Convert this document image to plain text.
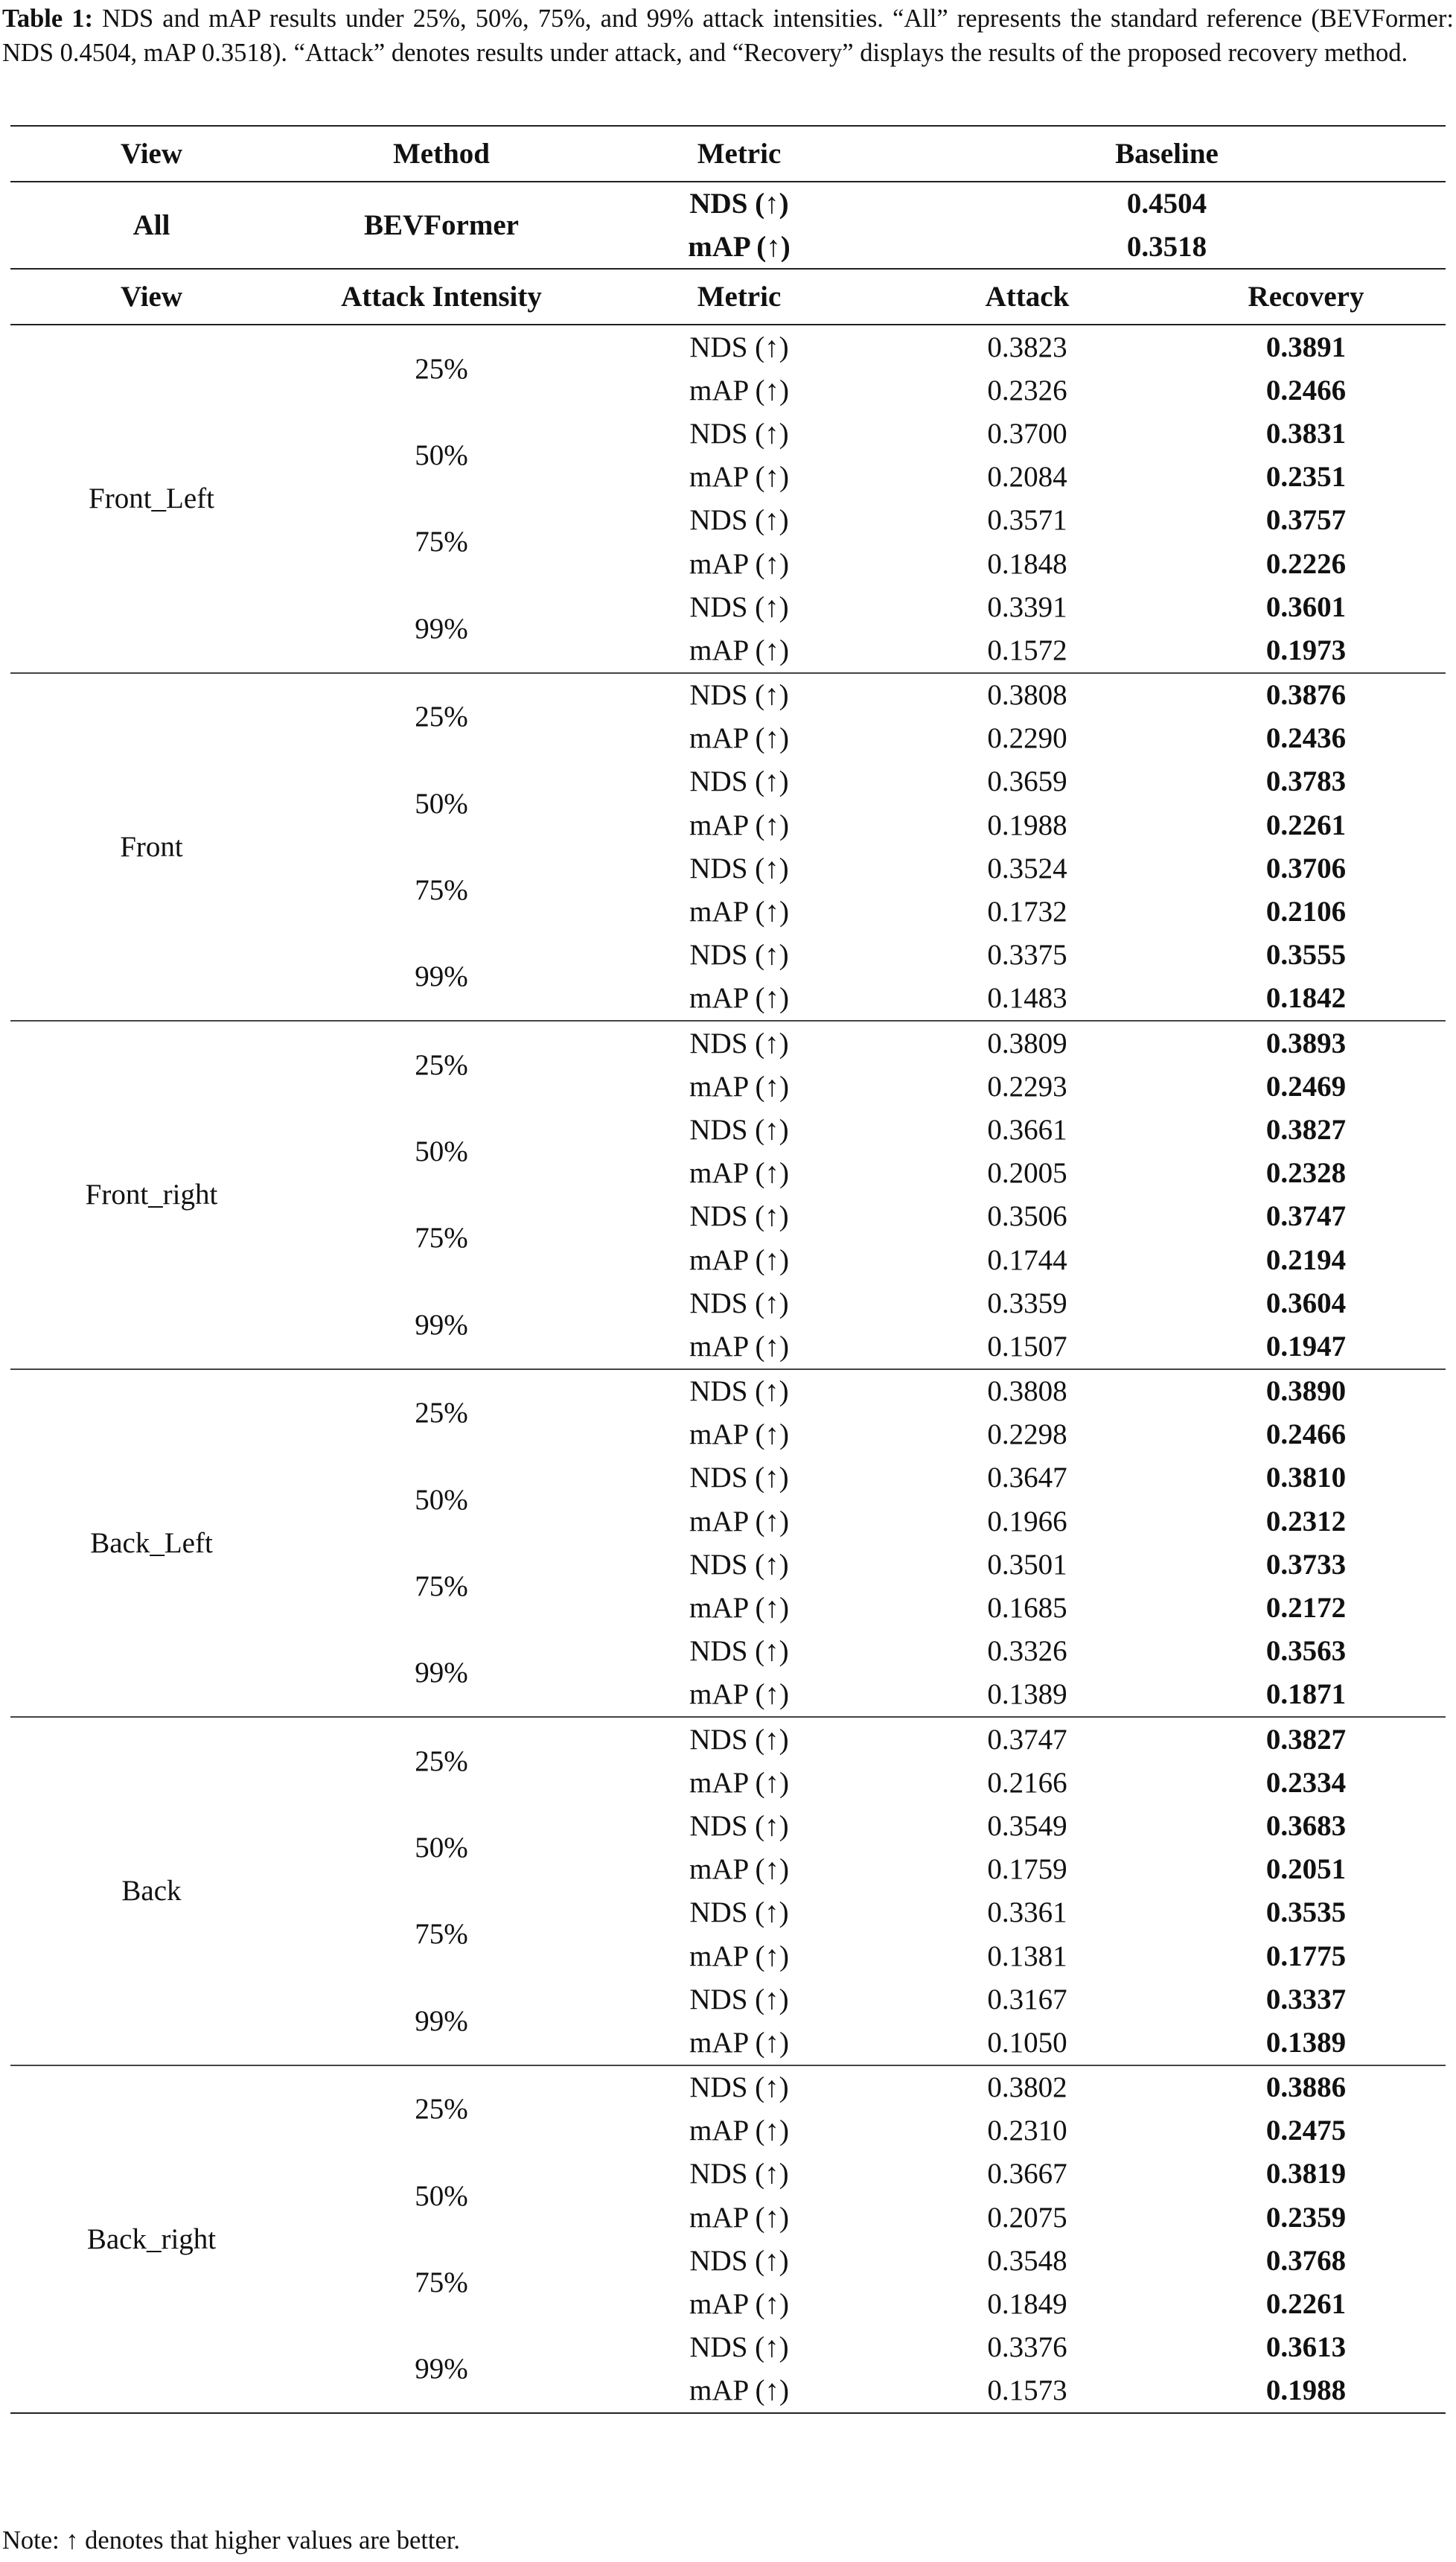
Table 1: NDS and mAP results under 25%, 50%, 75%, and 99% attack intensities. “All” represents the standard reference (BEVFormer: NDS 0.4504, mAP 0.3518). “Attack” denotes results under attack, and “Recovery” displays the results of the proposed recovery method.

View	Method	Metric	Baseline	
All	BEVFormer	NDS (↑)	0.4504	
		mAP (↑)	0.3518	
View	Attack Intensity	Metric	Attack	Recovery
Front_Left	25%	NDS (↑)	0.3823	0.3891
		mAP (↑)	0.2326	0.2466
	50%	NDS (↑)	0.3700	0.3831
		mAP (↑)	0.2084	0.2351
	75%	NDS (↑)	0.3571	0.3757
		mAP (↑)	0.1848	0.2226
	99%	NDS (↑)	0.3391	0.3601
		mAP (↑)	0.1572	0.1973
Front	25%	NDS (↑)	0.3808	0.3876
		mAP (↑)	0.2290	0.2436
	50%	NDS (↑)	0.3659	0.3783
		mAP (↑)	0.1988	0.2261
	75%	NDS (↑)	0.3524	0.3706
		mAP (↑)	0.1732	0.2106
	99%	NDS (↑)	0.3375	0.3555
		mAP (↑)	0.1483	0.1842
Front_right	25%	NDS (↑)	0.3809	0.3893
		mAP (↑)	0.2293	0.2469
	50%	NDS (↑)	0.3661	0.3827
		mAP (↑)	0.2005	0.2328
	75%	NDS (↑)	0.3506	0.3747
		mAP (↑)	0.1744	0.2194
	99%	NDS (↑)	0.3359	0.3604
		mAP (↑)	0.1507	0.1947
Back_Left	25%	NDS (↑)	0.3808	0.3890
		mAP (↑)	0.2298	0.2466
	50%	NDS (↑)	0.3647	0.3810
		mAP (↑)	0.1966	0.2312
	75%	NDS (↑)	0.3501	0.3733
		mAP (↑)	0.1685	0.2172
	99%	NDS (↑)	0.3326	0.3563
		mAP (↑)	0.1389	0.1871
Back	25%	NDS (↑)	0.3747	0.3827
		mAP (↑)	0.2166	0.2334
	50%	NDS (↑)	0.3549	0.3683
		mAP (↑)	0.1759	0.2051
	75%	NDS (↑)	0.3361	0.3535
		mAP (↑)	0.1381	0.1775
	99%	NDS (↑)	0.3167	0.3337
		mAP (↑)	0.1050	0.1389
Back_right	25%	NDS (↑)	0.3802	0.3886
		mAP (↑)	0.2310	0.2475
	50%	NDS (↑)	0.3667	0.3819
		mAP (↑)	0.2075	0.2359
	75%	NDS (↑)	0.3548	0.3768
		mAP (↑)	0.1849	0.2261
	99%	NDS (↑)	0.3376	0.3613
		mAP (↑)	0.1573	0.1988

Note: ↑ denotes that higher values are better.
